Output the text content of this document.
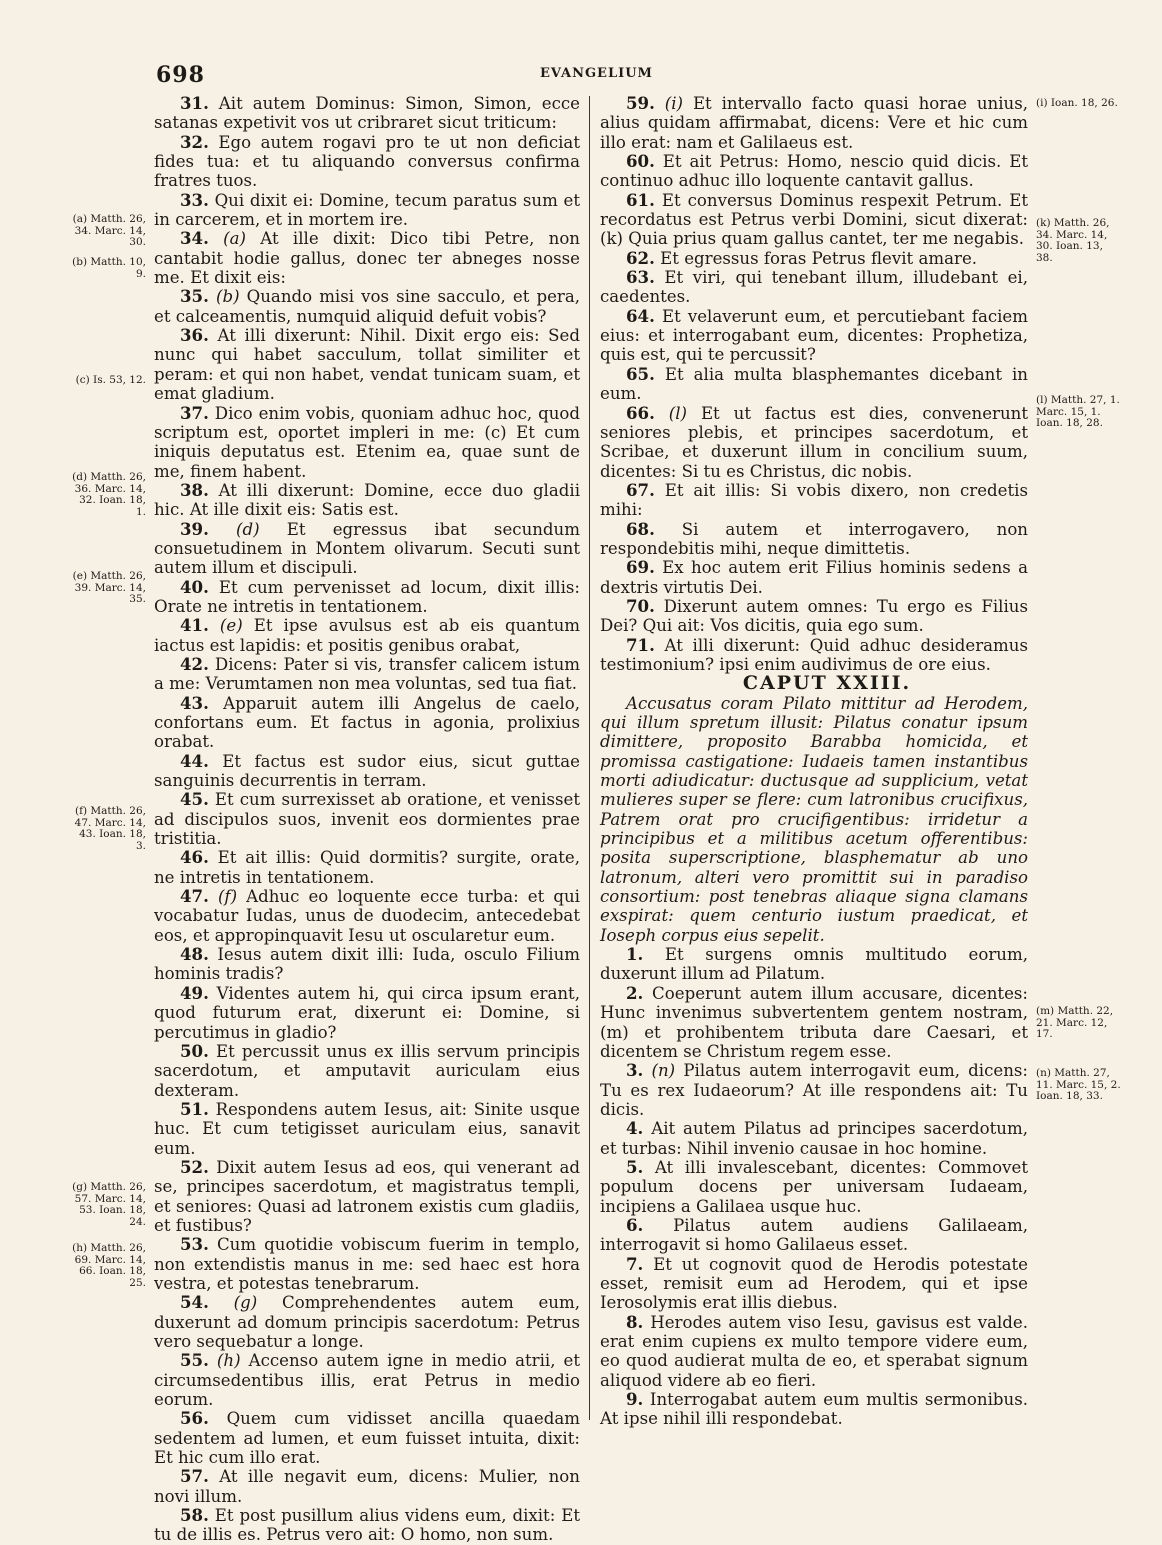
698	EVANGELIUM

31. Ait autem Dominus: Simon, Simon, ecce satanas expetivit vos ut cribraret sicut triticum:

32. Ego autem rogavi pro te ut non deficiat fides tua: et tu aliquando conversus confirma fratres tuos.

33. Qui dixit ei: Domine, tecum paratus sum et in carcerem, et in mortem ire.

34. (a) At ille dixit: Dico tibi Petre, non cantabit hodie gallus, donec ter abneges nosse me. Et dixit eis:

35. (b) Quando misi vos sine sacculo, et pera, et calceamentis, numquid aliquid defuit vobis?

36. At illi dixerunt: Nihil. Dixit ergo eis: Sed nunc qui habet sacculum, tollat similiter et peram: et qui non habet, vendat tunicam suam, et emat gladium.

37. Dico enim vobis, quoniam adhuc hoc, quod scriptum est, oportet impleri in me: (c) Et cum iniquis deputatus est. Etenim ea, quae sunt de me, finem habent.

38. At illi dixerunt: Domine, ecce duo gladii hic. At ille dixit eis: Satis est.

39. (d) Et egressus ibat secundum consuetudinem in Montem olivarum. Secuti sunt autem illum et discipuli.

40. Et cum pervenisset ad locum, dixit illis: Orate ne intretis in tentationem.

41. (e) Et ipse avulsus est ab eis quantum iactus est lapidis: et positis genibus orabat,

42. Dicens: Pater si vis, transfer calicem istum a me: Verumtamen non mea voluntas, sed tua fiat.

43. Apparuit autem illi Angelus de caelo, confortans eum. Et factus in agonia, prolixius orabat.

44. Et factus est sudor eius, sicut guttae sanguinis decurrentis in terram.

45. Et cum surrexisset ab oratione, et venisset ad discipulos suos, invenit eos dormientes prae tristitia.

46. Et ait illis: Quid dormitis? surgite, orate, ne intretis in tentationem.

47. (f) Adhuc eo loquente ecce turba: et qui vocabatur Iudas, unus de duodecim, antecedebat eos, et appropinquavit Iesu ut oscularetur eum.

48. Iesus autem dixit illi: Iuda, osculo Filium hominis tradis?

49. Videntes autem hi, qui circa ipsum erant, quod futurum erat, dixerunt ei: Domine, si percutimus in gladio?

50. Et percussit unus ex illis servum principis sacerdotum, et amputavit auriculam eius dexteram.

51. Respondens autem Iesus, ait: Sinite usque huc. Et cum tetigisset auriculam eius, sanavit eum.

52. Dixit autem Iesus ad eos, qui venerant ad se, principes sacerdotum, et magistratus templi, et seniores: Quasi ad latronem existis cum gladiis, et fustibus?

53. Cum quotidie vobiscum fuerim in templo, non extendistis manus in me: sed haec est hora vestra, et potestas tenebrarum.

54. (g) Comprehendentes autem eum, duxerunt ad domum principis sacerdotum: Petrus vero sequebatur a longe.

55. (h) Accenso autem igne in medio atrii, et circumsedentibus illis, erat Petrus in medio eorum.

56. Quem cum vidisset ancilla quaedam sedentem ad lumen, et eum fuisset intuita, dixit: Et hic cum illo erat.

57. At ille negavit eum, dicens: Mulier, non novi illum.

58. Et post pusillum alius videns eum, dixit: Et tu de illis es. Petrus vero ait: O homo, non sum.

59. (i) Et intervallo facto quasi horae unius, alius quidam affirmabat, dicens: Vere et hic cum illo erat: nam et Galilaeus est.

60. Et ait Petrus: Homo, nescio quid dicis. Et continuo adhuc illo loquente cantavit gallus.

61. Et conversus Dominus respexit Petrum. Et recordatus est Petrus verbi Domini, sicut dixerat: (k) Quia prius quam gallus cantet, ter me negabis.

62. Et egressus foras Petrus flevit amare.

63. Et viri, qui tenebant illum, illudebant ei, caedentes.

64. Et velaverunt eum, et percutiebant faciem eius: et interrogabant eum, dicentes: Prophetiza, quis est, qui te percussit?

65. Et alia multa blasphemantes dicebant in eum.

66. (l) Et ut factus est dies, convenerunt seniores plebis, et principes sacerdotum, et Scribae, et duxerunt illum in concilium suum, dicentes: Si tu es Christus, dic nobis.

67. Et ait illis: Si vobis dixero, non credetis mihi:

68. Si autem et interrogavero, non respondebitis mihi, neque dimittetis.

69. Ex hoc autem erit Filius hominis sedens a dextris virtutis Dei.

70. Dixerunt autem omnes: Tu ergo es Filius Dei? Qui ait: Vos dicitis, quia ego sum.

71. At illi dixerunt: Quid adhuc desideramus testimonium? ipsi enim audivimus de ore eius.

CAPUT XXIII.

Accusatus coram Pilato mittitur ad Herodem, qui illum spretum illusit: Pilatus conatur ipsum dimittere, proposito Barabba homicida, et promissa castigatione: Iudaeis tamen instantibus morti adiudicatur: ductusque ad supplicium, vetat mulieres super se flere: cum latronibus crucifixus, Patrem orat pro crucifigentibus: irridetur a principibus et a militibus acetum offerentibus: posita superscriptione, blasphematur ab uno latronum, alteri vero promittit sui in paradiso consortium: post tenebras aliaque signa clamans exspirat: quem centurio iustum praedicat, et Ioseph corpus eius sepelit.

1. Et surgens omnis multitudo eorum, duxerunt illum ad Pilatum.

2. Coeperunt autem illum accusare, dicentes: Hunc invenimus subvertentem gentem nostram, (m) et prohibentem tributa dare Caesari, et dicentem se Christum regem esse.

3. (n) Pilatus autem interrogavit eum, dicens: Tu es rex Iudaeorum? At ille respondens ait: Tu dicis.

4. Ait autem Pilatus ad principes sacerdotum, et turbas: Nihil invenio causae in hoc homine.

5. At illi invalescebant, dicentes: Commovet populum docens per universam Iudaeam, incipiens a Galilaea usque huc.

6. Pilatus autem audiens Galilaeam, interrogavit si homo Galilaeus esset.

7. Et ut cognovit quod de Herodis potestate esset, remisit eum ad Herodem, qui et ipse Ierosolymis erat illis diebus.

8. Herodes autem viso Iesu, gavisus est valde. erat enim cupiens ex multo tempore videre eum, eo quod audierat multa de eo, et sperabat signum aliquod videre ab eo fieri.

9. Interrogabat autem eum multis sermonibus. At ipse nihil illi respondebat.

(a) Matth. 26, 34. Marc. 14, 30.
(b) Matth. 10, 9.
(c) Is. 53, 12.
(d) Matth. 26, 36. Marc. 14, 32. Ioan. 18, 1.
(e) Matth. 26, 39. Marc. 14, 35.
(f) Matth. 26, 47. Marc. 14, 43. Ioan. 18, 3.
(g) Matth. 26, 57. Marc. 14, 53. Ioan. 18, 24.
(h) Matth. 26, 69. Marc. 14, 66. Ioan. 18, 25.
(i) Ioan. 18, 26.
(k) Matth. 26, 34. Marc. 14, 30. Ioan. 13, 38.
(l) Matth. 27, 1. Marc. 15, 1. Ioan. 18, 28.
(m) Matth. 22, 21. Marc. 12, 17.
(n) Matth. 27, 11. Marc. 15, 2. Ioan. 18, 33.
